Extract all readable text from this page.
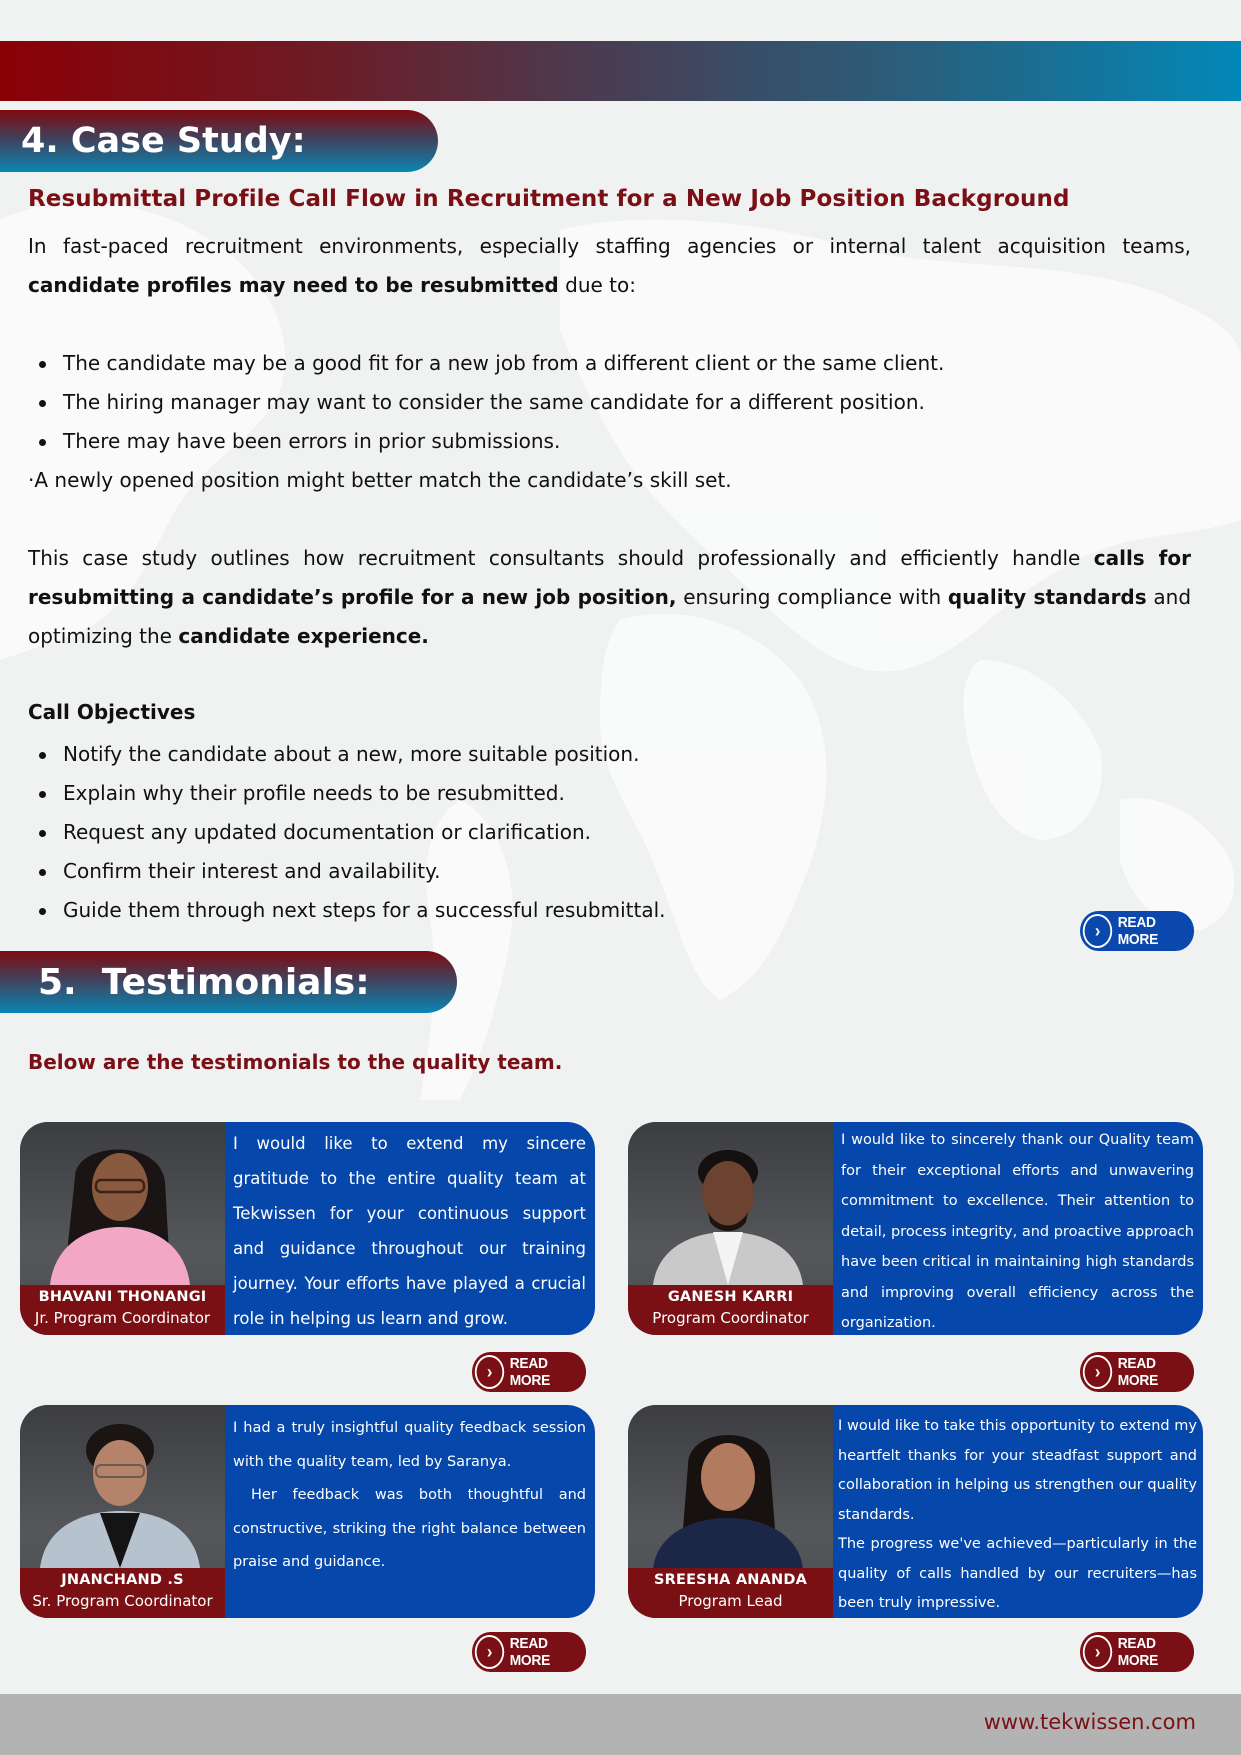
4. Case Study:
Resubmittal Profile Call Flow in Recruitment for a New Job Position Background

In fast-paced recruitment environments, especially staffing agencies or internal talent acquisition teams, candidate profiles may need to be resubmitted due to:

The candidate may be a good fit for a new job from a different client or the same client.
The hiring manager may want to consider the same candidate for a different position.
There may have been errors in prior submissions.
·A newly opened position might better match the candidate’s skill set.

This case study outlines how recruitment consultants should professionally and efficiently handle calls for resubmitting a candidate’s profile for a new job position, ensuring compliance with quality standards and optimizing the candidate experience.

Call Objectives
Notify the candidate about a new, more suitable position.
Explain why their profile needs to be resubmitted.
Request any updated documentation or clarification.
Confirm their interest and availability.
Guide them through next steps for a successful resubmittal.
›	READ MORE
5.  Testimonials:
Below are the testimonials to the quality team.
BHAVANI THONANGI
Jr. Program Coordinator
I would like to extend my sincere gratitude to the entire quality team at Tekwissen for your continuous support and guidance throughout our training journey. Your efforts have played a crucial role in helping us learn and grow.
›	READ MORE
GANESH KARRI
Program Coordinator
I would like to sincerely thank our Quality team for their exceptional efforts and unwavering commitment to excellence. Their attention to detail, process integrity, and proactive approach have been critical in maintaining high standards and improving overall efficiency across the organization.
›	READ MORE
JNANCHAND .S
Sr. Program Coordinator
I had a truly insightful quality feedback session with the quality team, led by Saranya.
Her feedback was both thoughtful and constructive, striking the right balance between praise and guidance.
›	READ MORE
SREESHA ANANDA
Program Lead
I would like to take this opportunity to extend my heartfelt thanks for your steadfast support and collaboration in helping us strengthen our quality standards.
The progress we've achieved—particularly in the quality of calls handled by our recruiters—has been truly impressive.
›	READ MORE
www.tekwissen.com
